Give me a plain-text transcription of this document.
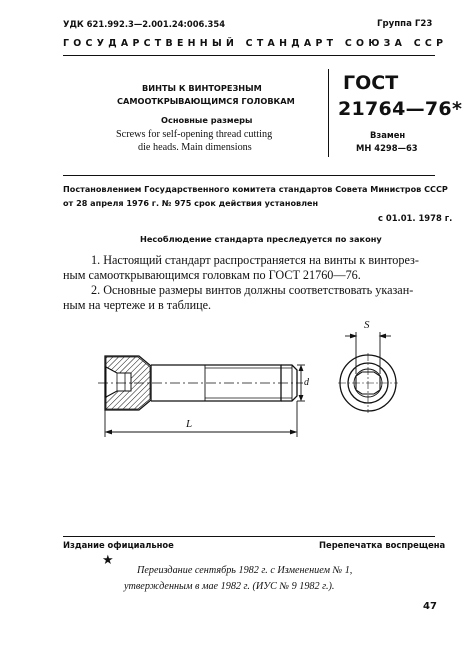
УДК 621.992.3—2.001.24:006.354	Группа Г23
ГОСУДАРСТВЕННЫЙ СТАНДАРТ СОЮЗА ССР
ВИНТЫ К ВИНТОРЕЗНЫМ
САМООТКРЫВАЮЩИМСЯ ГОЛОВКАМ
Основные размеры
Screws for self-opening thread cutting
die heads. Main dimensions
ГОСТ
21764—76*
Взамен
МН 4298—63
Постановлением Государственного комитета стандартов Совета Министров СССР
от 28 апреля 1976 г. № 975 срок действия установлен
с 01.01. 1978 г.
Несоблюдение стандарта преследуется по закону
1. Настоящий стандарт распространяется на винты к винторез-
ным самооткрывающимся головкам по ГОСТ 21760—76.
2. Основные размеры винтов должны соответствовать указан-
ным на чертеже и в таблице.
L
d
S
Издание официальное	Перепечатка воспрещена
★
Переиздание сентябрь 1982 г. с Изменением № 1,
утвержденным в мае 1982 г. (ИУС № 9 1982 г.).
47
